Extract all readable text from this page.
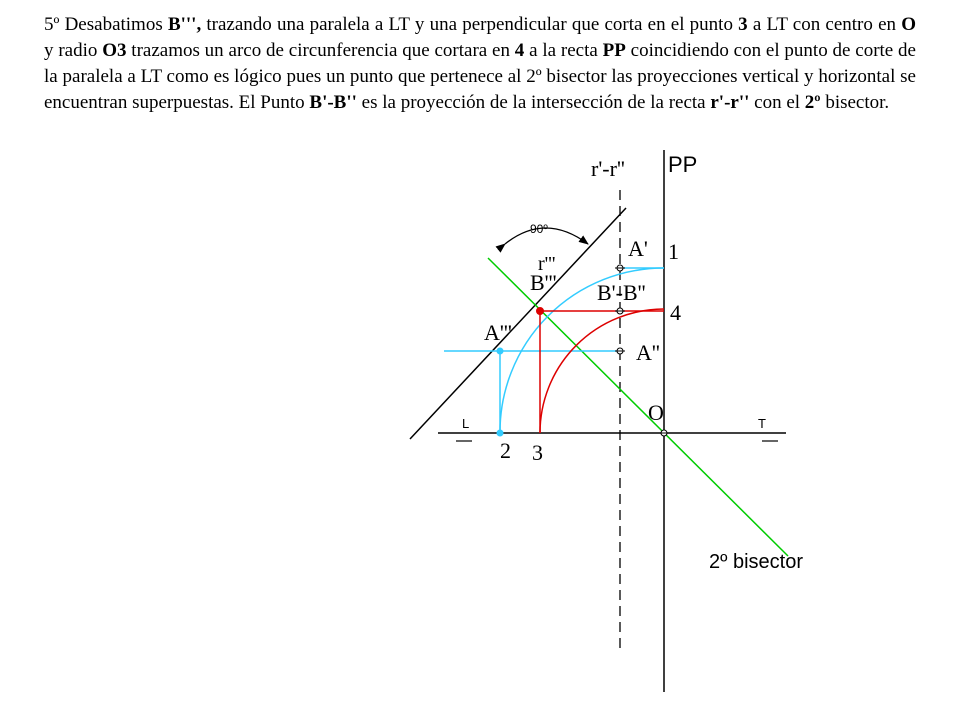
5º Desabatimos B''', trazando una paralela a LT y una perpendicular que corta en el punto 3 a LT con centro en O y radio O3 trazamos un arco de circunferencia que cortara en 4 a la recta PP coincidiendo con el punto de corte de la paralela a LT como es lógico pues un punto que pertenece al 2º bisector las proyecciones vertical y horizontal se encuentran superpuestas. El Punto B'-B'' es la proyección de la intersección de la recta r'-r'' con el 2º bisector.

PP
r'-r''
90º
A' 1
r'''
B''' B'-B''
4
A'''
A''
O
L	T
2 3
2º bisector
